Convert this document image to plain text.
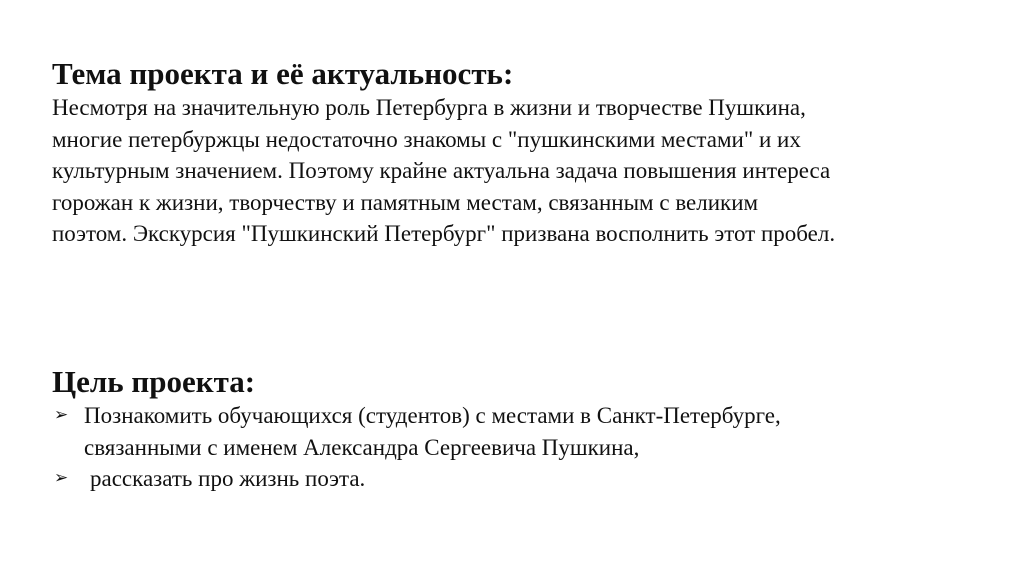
Тема проекта и её актуальность:

Несмотря на значительную роль Петербурга в жизни и творчестве Пушкина,
многие петербуржцы недостаточно знакомы с "пушкинскими местами" и их
культурным значением. Поэтому крайне актуальна задача повышения интереса
горожан к жизни, творчеству и памятным местам, связанным с великим
поэтом. Экскурсия "Пушкинский Петербург" призвана восполнить этот пробел.

Цель проекта:
➢ Познакомить обучающихся (студентов) с местами в Санкт-Петербурге,
связанными с именем Александра Сергеевича Пушкина,
➢ рассказать про жизнь поэта.
